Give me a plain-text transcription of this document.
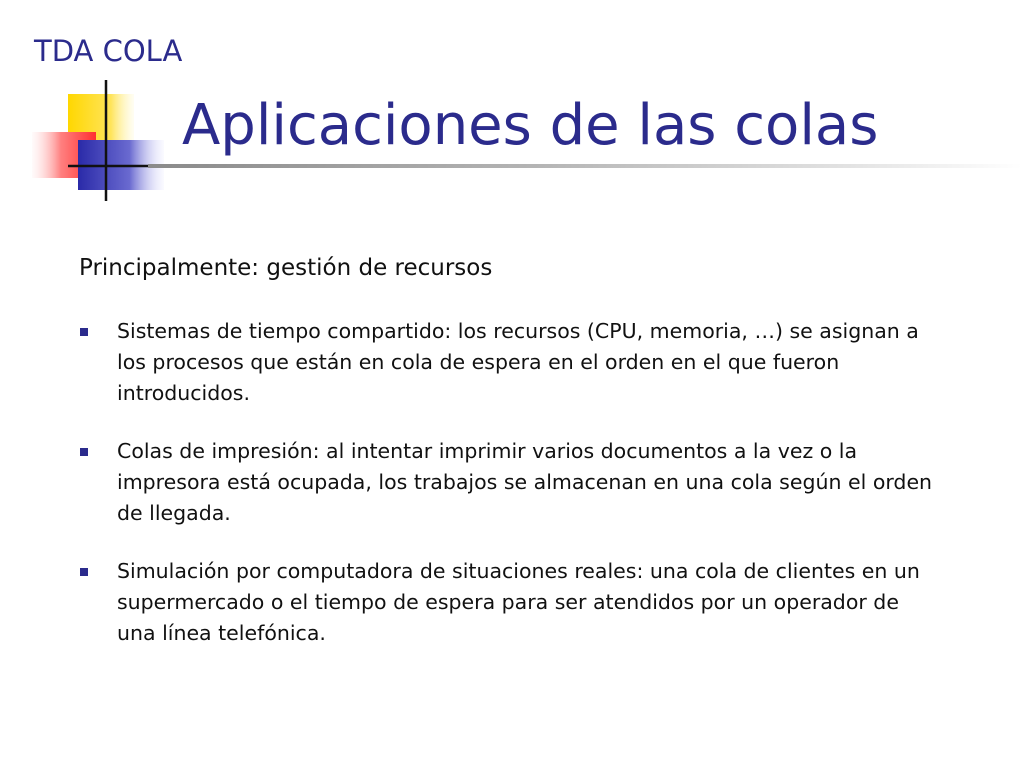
TDA COLA
Aplicaciones de las colas
Principalmente: gestión de recursos
Sistemas de tiempo compartido: los recursos (CPU, memoria, …) se asignan a los procesos que están en cola de espera en el orden en el que fueron introducidos.
Colas de impresión: al intentar imprimir varios documentos a la vez o la impresora está ocupada, los trabajos se almacenan en una cola según el orden de llegada.
Simulación por computadora de situaciones reales: una cola de clientes en un supermercado o el tiempo de espera para ser atendidos por un operador de una línea telefónica.
